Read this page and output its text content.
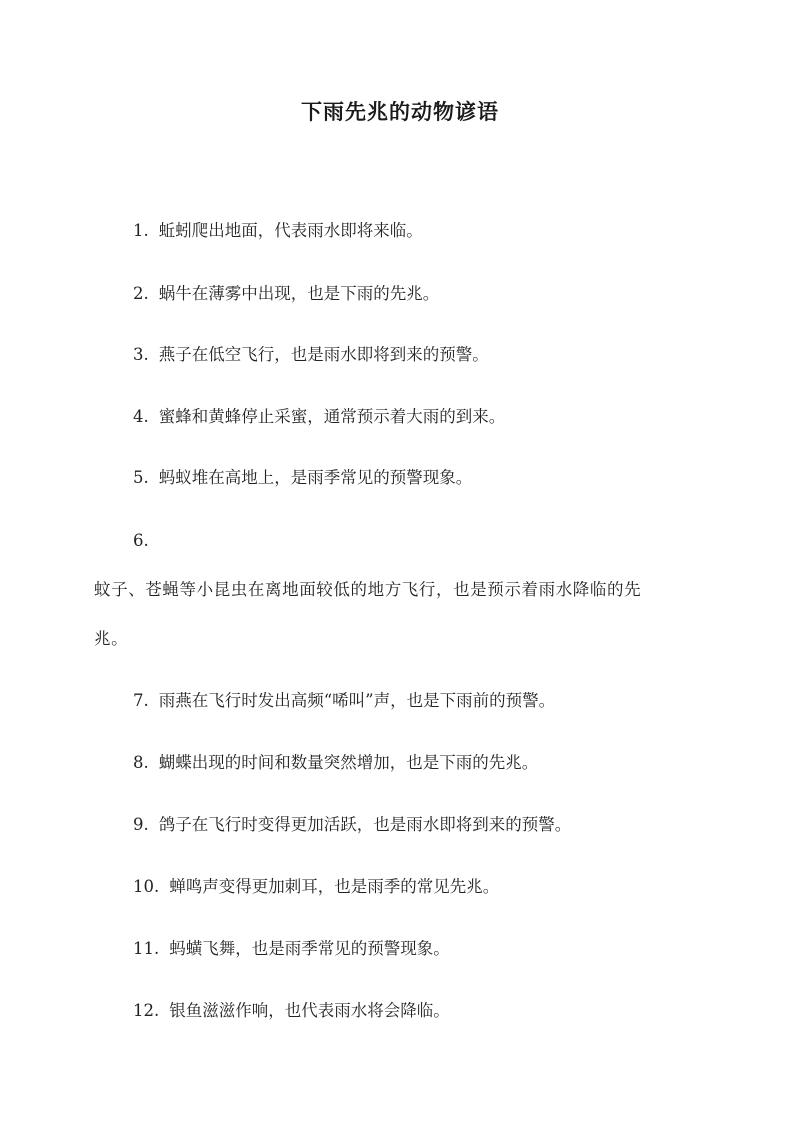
下雨先兆的动物谚语
1. 蚯蚓爬出地面，代表雨水即将来临。
2. 蜗牛在薄雾中出现，也是下雨的先兆。
3. 燕子在低空飞行，也是雨水即将到来的预警。
4. 蜜蜂和黄蜂停止采蜜，通常预示着大雨的到来。
5. 蚂蚁堆在高地上，是雨季常见的预警现象。
6.
蚊子、苍蝇等小昆虫在离地面较低的地方飞行，也是预示着雨水降临的先
兆。
7. 雨燕在飞行时发出高频“唏叫”声，也是下雨前的预警。
8. 蝴蝶出现的时间和数量突然增加，也是下雨的先兆。
9. 鸽子在飞行时变得更加活跃，也是雨水即将到来的预警。
10. 蝉鸣声变得更加刺耳，也是雨季的常见先兆。
11. 蚂蟥飞舞，也是雨季常见的预警现象。
12. 银鱼滋滋作响，也代表雨水将会降临。
